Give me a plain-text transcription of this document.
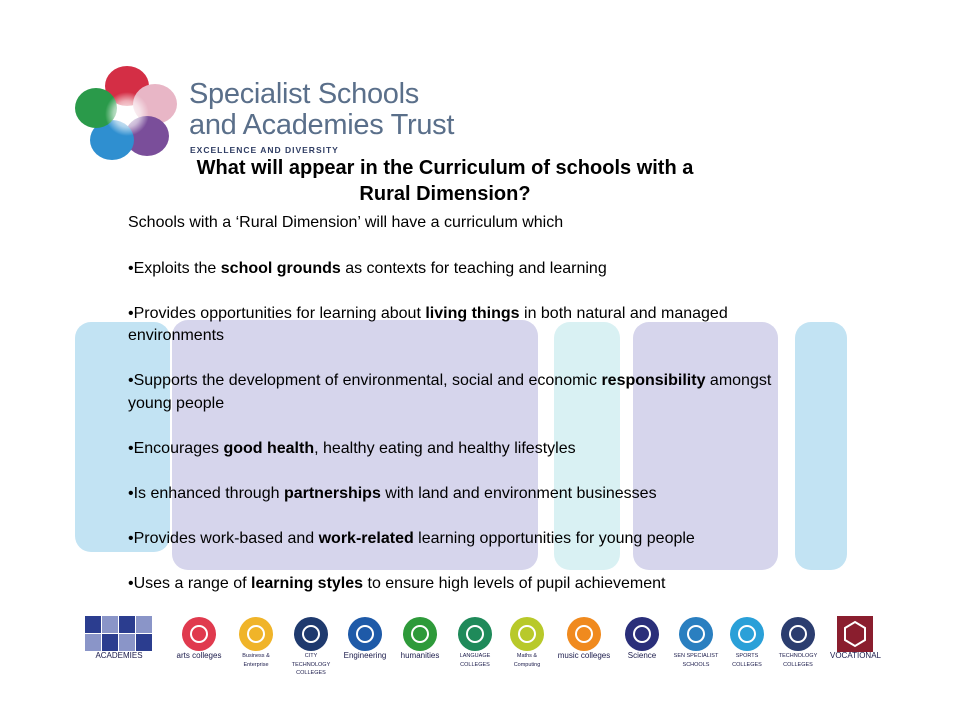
Specialist Schools
and Academies Trust
EXCELLENCE AND DIVERSITY
What will appear in the Curriculum of schools with a
Rural Dimension?

Schools with a ‘Rural Dimension’ will have a curriculum which

•Exploits the school grounds as contexts for teaching and learning

•Provides opportunities for learning about living things in both natural and managed environments

•Supports the development of environmental, social and economic responsibility amongst young people

•Encourages good health, healthy eating and healthy lifestyles

•Is enhanced through partnerships with land and environment businesses

•Provides work-based and work-related learning opportunities for young people

•Uses a range of learning styles to ensure high levels of pupil achievement

ACADEMIES	arts colleges	Business & Enterprise
CITY TECHNOLOGY COLLEGES
Engineering	humanities	LANGUAGE COLLEGES
Maths & Computing
music colleges	Science	SEN SPECIALIST SCHOOLS
SPORTS COLLEGES
TECHNOLOGY COLLEGES
VOCATIONAL
